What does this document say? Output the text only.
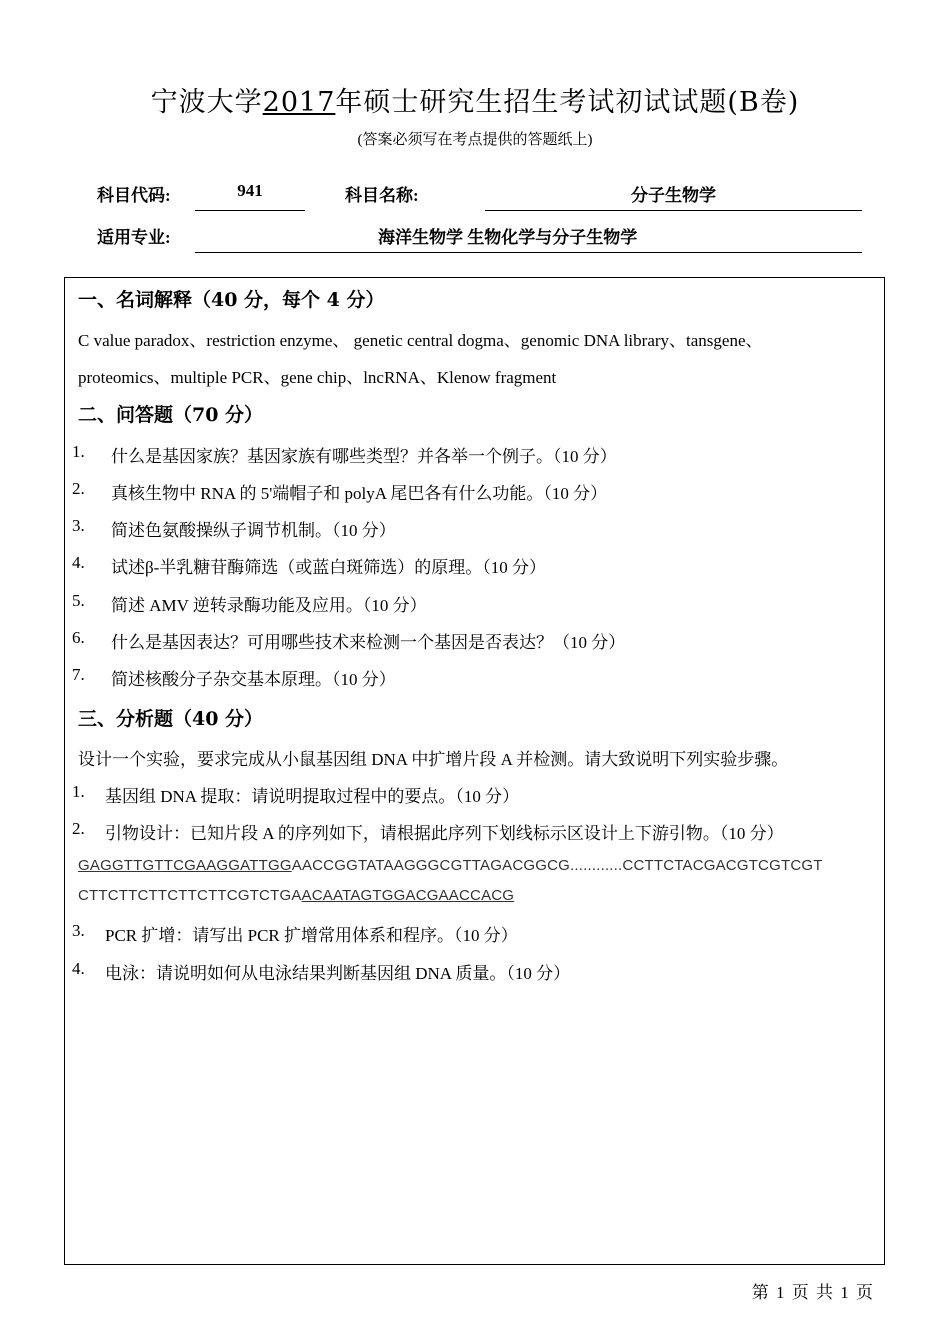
宁波大学2017年硕士研究生招生考试初试试题(B卷)
(答案必须写在考点提供的答题纸上)
科目代码:	941	科目名称:	分子生物学
适用专业:	海洋生物学 生物化学与分子生物学
一、名词解释（40 分，每个 4 分）
C value paradox、restriction enzyme、 genetic central dogma、genomic DNA library、tansgene、
proteomics、multiple PCR、gene chip、lncRNA、Klenow fragment
二、问答题（70 分）
1. 什么是基因家族？基因家族有哪些类型？并各举一个例子。（10 分）
2. 真核生物中 RNA 的 5'端帽子和 polyA 尾巴各有什么功能。（10 分）
3. 简述色氨酸操纵子调节机制。（10 分）
4. 试述β-半乳糖苷酶筛选（或蓝白斑筛选）的原理。（10 分）
5. 简述 AMV 逆转录酶功能及应用。（10 分）
6. 什么是基因表达？可用哪些技术来检测一个基因是否表达？（10 分）
7. 简述核酸分子杂交基本原理。（10 分）
三、分析题（40 分）
设计一个实验，要求完成从小鼠基因组 DNA 中扩增片段 A 并检测。请大致说明下列实验步骤。
1. 基因组 DNA 提取：请说明提取过程中的要点。（10 分）
2. 引物设计：已知片段 A 的序列如下，请根据此序列下划线标示区设计上下游引物。（10 分）
GAGGTTGTTCGAAGGATTGGAACCGGTATAAGGGCGTTAGACGGCG............CCTTCTACGACGTCGTCGT
CTTCTTCTTCTTCTTCGTCTGAACAATAGTGGACGAACCACG
3. PCR 扩增：请写出 PCR 扩增常用体系和程序。（10 分）
4. 电泳：请说明如何从电泳结果判断基因组 DNA 质量。（10 分）
第 1 页 共 1 页
